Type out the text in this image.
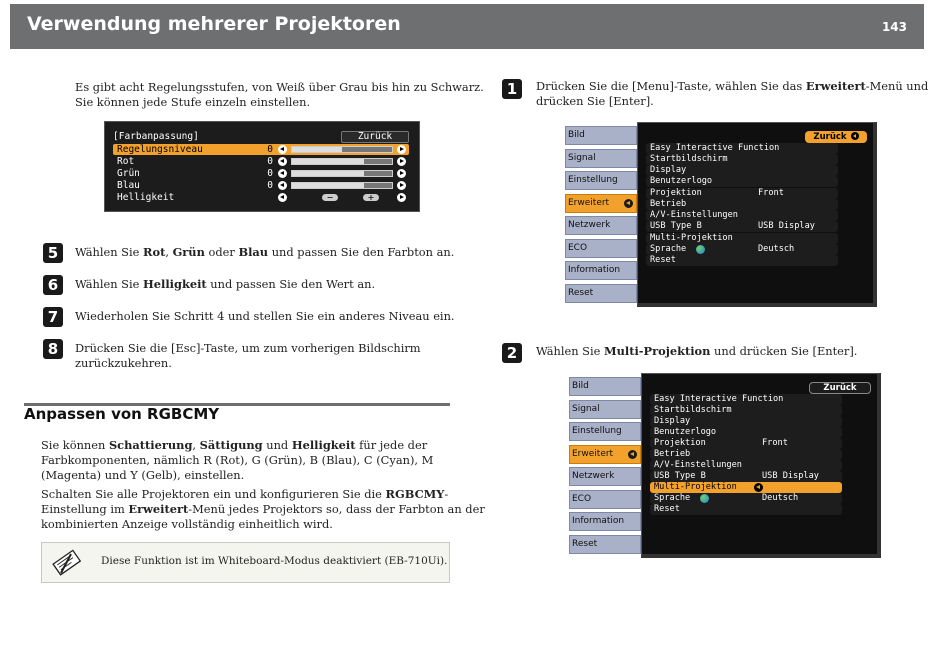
Verwendung mehrerer Projektoren	143
Es gibt acht Regelungsstufen, von Weiß über Grau bis hin zu Schwarz.
Sie können jede Stufe einzeln einstellen.
[Farbanpassung]	Zurück
Regelungsniveau	0
Rot	0
Grün	0
Blau	0
Helligkeit	−	+
5	Wählen Sie Rot, Grün oder Blau und passen Sie den Farbton an.
6	Wählen Sie Helligkeit und passen Sie den Wert an.
7	Wiederholen Sie Schritt 4 und stellen Sie ein anderes Niveau ein.
8	Drücken Sie die [Esc]-Taste, um zum vorherigen Bildschirm
zurückzukehren.
Anpassen von RGBCMY
Sie können Schattierung, Sättigung und Helligkeit für jede der
Farbkomponenten, nämlich R (Rot), G (Grün), B (Blau), C (Cyan), M
(Magenta) und Y (Gelb), einstellen.
Schalten Sie alle Projektoren ein und konfigurieren Sie die RGBCMY-
Einstellung im Erweitert-Menü jedes Projektors so, dass der Farbton an der
kombinierten Anzeige vollständig einheitlich wird.
Diese Funktion ist im Whiteboard-Modus deaktiviert (EB-710Ui).
1	Drücken Sie die [Menu]-Taste, wählen Sie das Erweitert-Menü und
drücken Sie [Enter].
Bild
Signal
Einstellung
Erweitert
Netzwerk
ECO
Information
Reset
Zurück
Easy Interactive Function
Startbildschirm
Display
Benutzerlogo
Projektion	Front
Betrieb
A/V-Einstellungen
USB Type B	USB Display
Multi-Projektion
Sprache	Deutsch
Reset
2	Wählen Sie Multi-Projektion und drücken Sie [Enter].
Bild
Signal
Einstellung
Erweitert
Netzwerk
ECO
Information
Reset
Zurück
Easy Interactive Function
Startbildschirm
Display
Benutzerlogo
Projektion	Front
Betrieb
A/V-Einstellungen
USB Type B	USB Display
Multi-Projektion
Sprache	Deutsch
Reset
